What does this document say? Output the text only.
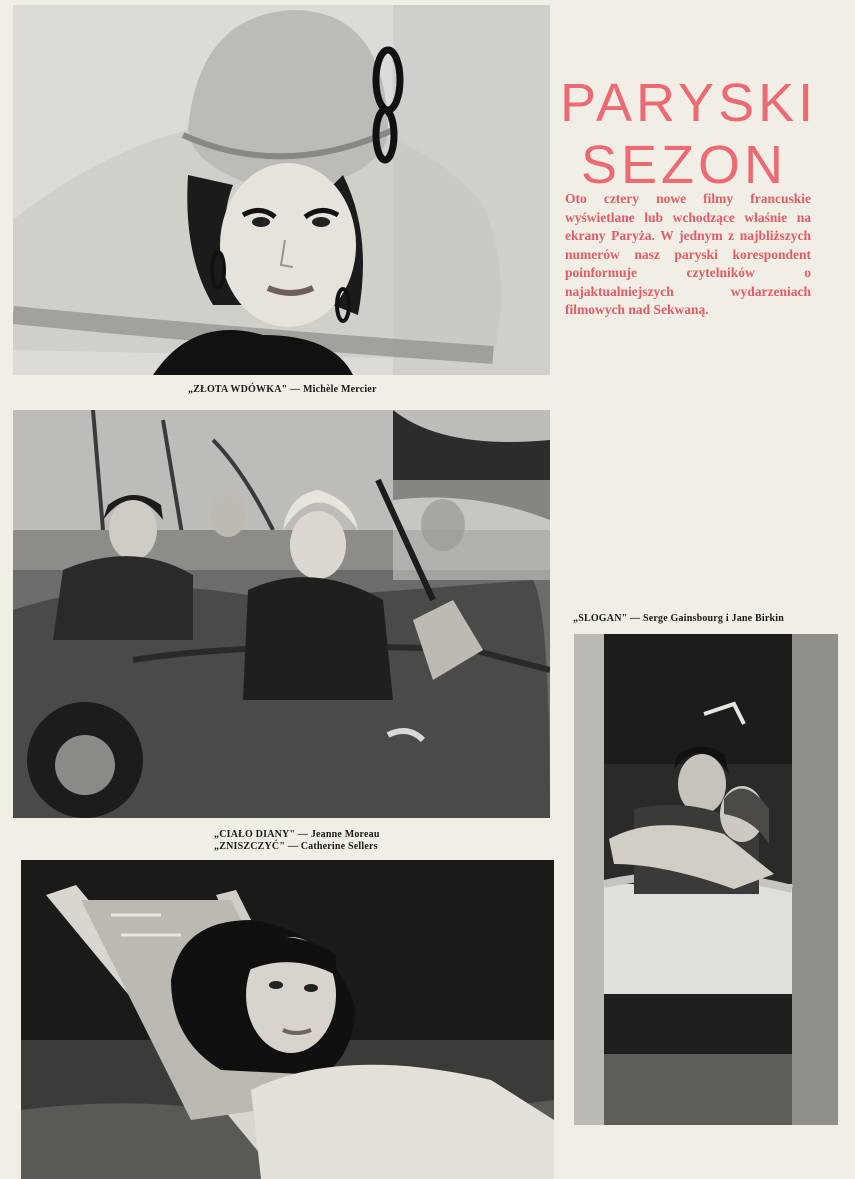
PARYSKI
SEZON
Oto cztery nowe filmy francuskie wyświetlane lub wchodzące właśnie na ekrany Paryża. W jednym z najbliższych numerów nasz paryski korespondent poinformuje czytelników o najaktualniejszych wydarzeniach filmowych nad Sekwaną.
„ZŁOTA WDÓWKA" — Michèle Mercier
„CIAŁO DIANY" — Jeanne Moreau
„ZNISZCZYĆ" — Catherine Sellers
„SLOGAN" — Serge Gainsbourg i Jane Birkin
